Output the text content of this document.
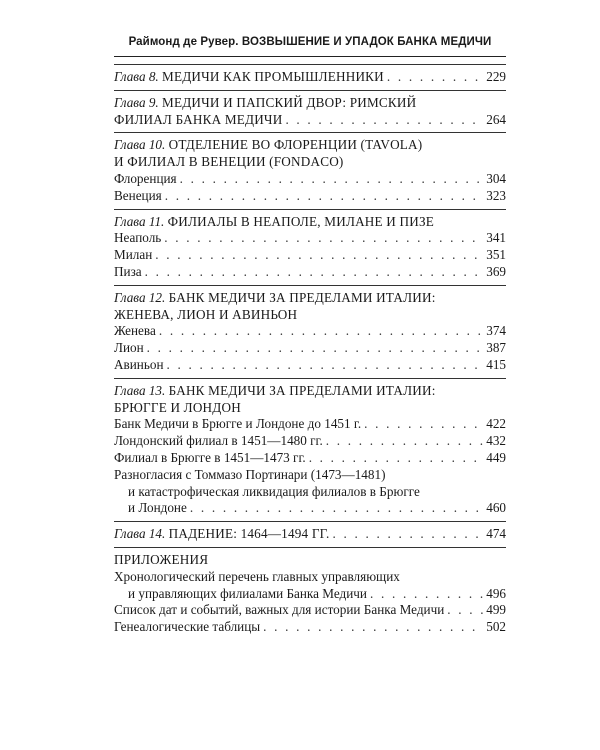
Раймонд де Рувер. ВОЗВЫШЕНИЕ И УПАДОК БАНКА МЕДИЧИ
Глава 8. МЕДИЧИ КАК ПРОМЫШЛЕННИКИ . . .	229
Глава 9. МЕДИЧИ И ПАПСКИЙ ДВОР: РИМСКИЙ
ФИЛИАЛ БАНКА МЕДИЧИ . . .	264
Глава 10. ОТДЕЛЕНИЕ ВО ФЛОРЕНЦИИ (TAVOLA)
И ФИЛИАЛ В ВЕНЕЦИИ (FONDACO)
Флоренция . . .	304
Венеция . . .	323
Глава 11. ФИЛИАЛЫ В НЕАПОЛЕ, МИЛАНЕ И ПИЗЕ
Неаполь . . .	341
Милан . . .	351
Пиза . . .	369
Глава 12. БАНК МЕДИЧИ ЗА ПРЕДЕЛАМИ ИТАЛИИ:
ЖЕНЕВА, ЛИОН И АВИНЬОН
Женева . . .	374
Лион . . .	387
Авиньон . . .	415
Глава 13. БАНК МЕДИЧИ ЗА ПРЕДЕЛАМИ ИТАЛИИ:
БРЮГГЕ И ЛОНДОН
Банк Медичи в Брюгге и Лондоне до 1451 г. . . .	422
Лондонский филиал в 1451—1480 гг. . . .	432
Филиал в Брюгге в 1451—1473 гг. . . .	449
Разногласия с Томмазо Портинари (1473—1481)
и катастрофическая ликвидация филиалов в Брюгге
и Лондоне . . .	460
Глава 14. ПАДЕНИЕ: 1464—1494 ГГ. . . .	474
ПРИЛОЖЕНИЯ
Хронологический перечень главных управляющих
и управляющих филиалами Банка Медичи . . .	496
Список дат и событий, важных для истории Банка Медичи . . .	499
Генеалогические таблицы . . .	502
